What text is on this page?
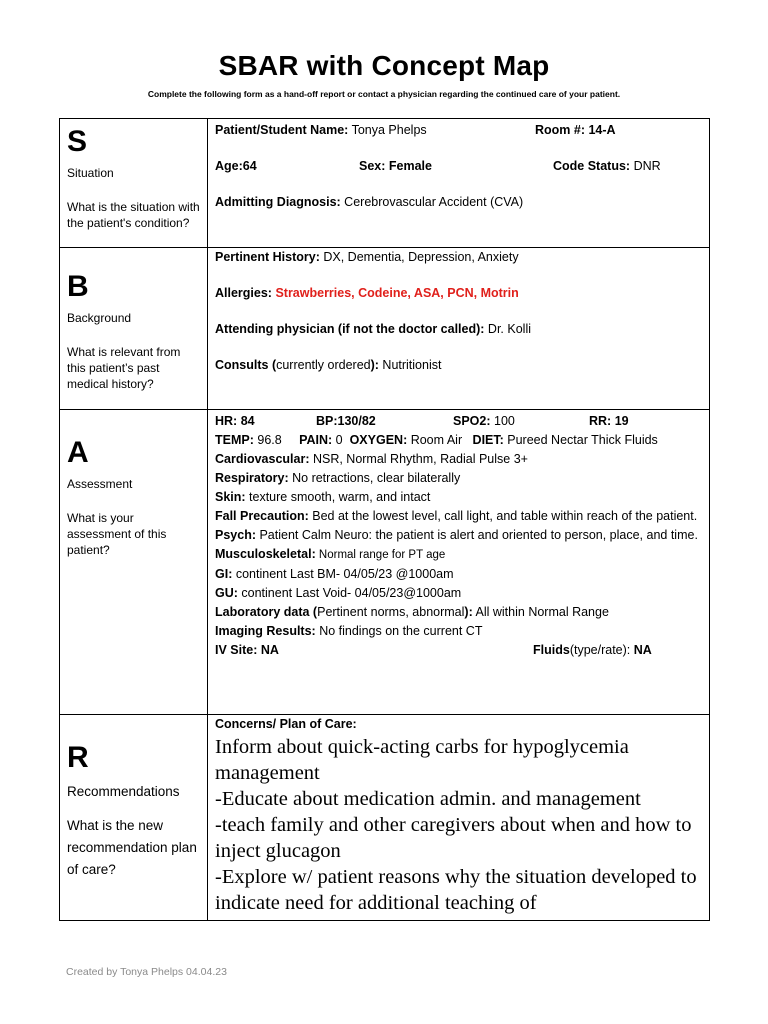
SBAR with Concept Map
Complete the following form as a hand-off report or contact a physician regarding the continued care of your patient.
S
Situation
What is the situation with the patient's condition?
Patient/Student Name: Tonya Phelps	Room #: 14-A
Age:64	Sex: Female	Code Status: DNR
Admitting Diagnosis: Cerebrovascular Accident (CVA)
B
Background
What is relevant from this patient’s past medical history?
Pertinent History: DX, Dementia, Depression, Anxiety
Allergies: Strawberries, Codeine, ASA, PCN, Motrin
Attending physician (if not the doctor called): Dr. Kolli
Consults (currently ordered): Nutritionist
A
Assessment
What is your assessment of this patient?
HR: 84	BP:130/82	SPO2: 100	RR: 19
TEMP: 96.8 PAIN: 0 OXYGEN: Room Air DIET: Pureed Nectar Thick Fluids
Cardiovascular: NSR, Normal Rhythm, Radial Pulse 3+
Respiratory: No retractions, clear bilaterally
Skin: texture smooth, warm, and intact
Fall Precaution: Bed at the lowest level, call light, and table within reach of the patient.
Psych: Patient Calm Neuro: the patient is alert and oriented to person, place, and time.
Musculoskeletal: Normal range for PT age
GI: continent Last BM- 04/05/23 @1000am
GU: continent Last Void- 04/05/23@1000am
Laboratory data (Pertinent norms, abnormal): All within Normal Range
Imaging Results: No findings on the current CT
IV Site: NA	Fluids(type/rate): NA
R
Recommendations
What is the new recommendation plan of care?
Concerns/ Plan of Care:
Inform about quick-acting carbs for hypoglycemia management
-Educate about medication admin. and management
-teach family and other caregivers about when and how to inject glucagon
-Explore w/ patient reasons why the situation developed to indicate need for additional teaching of
Created by Tonya Phelps 04.04.23
